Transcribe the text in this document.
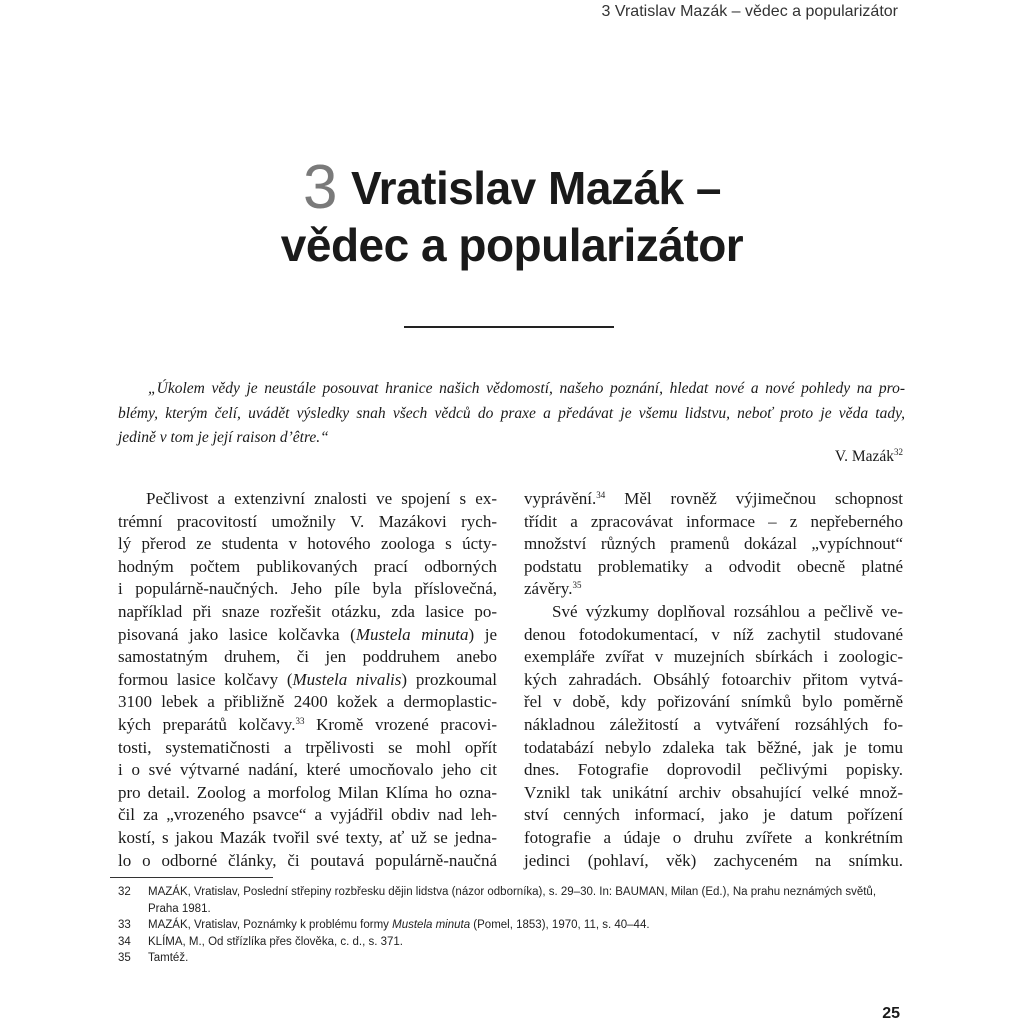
3 Vratislav Mazák – vědec a popularizátor
3 Vratislav Mazák –
vědec a popularizátor
„Úkolem vědy je neustále posouvat hranice našich vědomostí, našeho poznání, hledat nové a nové pohledy na pro-
blémy, kterým čelí, uvádět výsledky snah všech vědců do praxe a předávat je všemu lidstvu, neboť proto je věda tady,
jedině v tom je její raison d’être.“
V. Mazák$^{32}$
Pečlivost a extenzivní znalosti ve spojení s ex-
trémní pracovitostí umožnily V. Mazákovi rych-
lý přerod ze studenta v hotového zoologa s úcty-
hodným počtem publikovaných prací odborných
i populárně-naučných. Jeho píle byla příslovečná,
například při snaze rozřešit otázku, zda lasice po-
pisovaná jako lasice kolčavka (Mustela minuta) je
samostatným druhem, či jen poddruhem anebo
formou lasice kolčavy (Mustela nivalis) prozkoumal
3100 lebek a přibližně 2400 kožek a dermoplastic-
kých preparátů kolčavy.$^{33}$ Kromě vrozené pracovi-
tosti, systematičnosti a trpělivosti se mohl opřít
i o své výtvarné nadání, které umocňovalo jeho cit
pro detail. Zoolog a morfolog Milan Klíma ho ozna-
čil za „vrozeného psavce“ a vyjádřil obdiv nad leh-
kostí, s jakou Mazák tvořil své texty, ať už se jedna-
lo o odborné články, či poutavá populárně-naučná
vyprávění.$^{34}$ Měl rovněž výjimečnou schopnost
třídit a zpracovávat informace – z nepřeberného
množství různých pramenů dokázal „vypíchnout“
podstatu problematiky a odvodit obecně platné
závěry.$^{35}$
Své výzkumy doplňoval rozsáhlou a pečlivě ve-
denou fotodokumentací, v níž zachytil studované
exempláře zvířat v muzejních sbírkách i zoologic-
kých zahradách. Obsáhlý fotoarchiv přitom vytvá-
řel v době, kdy pořizování snímků bylo poměrně
nákladnou záležitostí a vytváření rozsáhlých fo-
todatabází nebylo zdaleka tak běžné, jak je tomu
dnes. Fotografie doprovodil pečlivými popisky.
Vznikl tak unikátní archiv obsahující velké množ-
ství cenných informací, jako je datum pořízení
fotografie a údaje o druhu zvířete a konkrétním
jedinci (pohlaví, věk) zachyceném na snímku.
32 MAZÁK, Vratislav, Poslední střepiny rozbřesku dějin lidstva (názor odborníka), s. 29–30. In: BAUMAN, Milan (Ed.), Na prahu neznámých světů, Praha 1981.
33 MAZÁK, Vratislav, Poznámky k problému formy Mustela minuta (Pomel, 1853), 1970, 11, s. 40–44.
34 KLÍMA, M., Od střízlíka přes člověka, c. d., s. 371.
35 Tamtéž.
25
